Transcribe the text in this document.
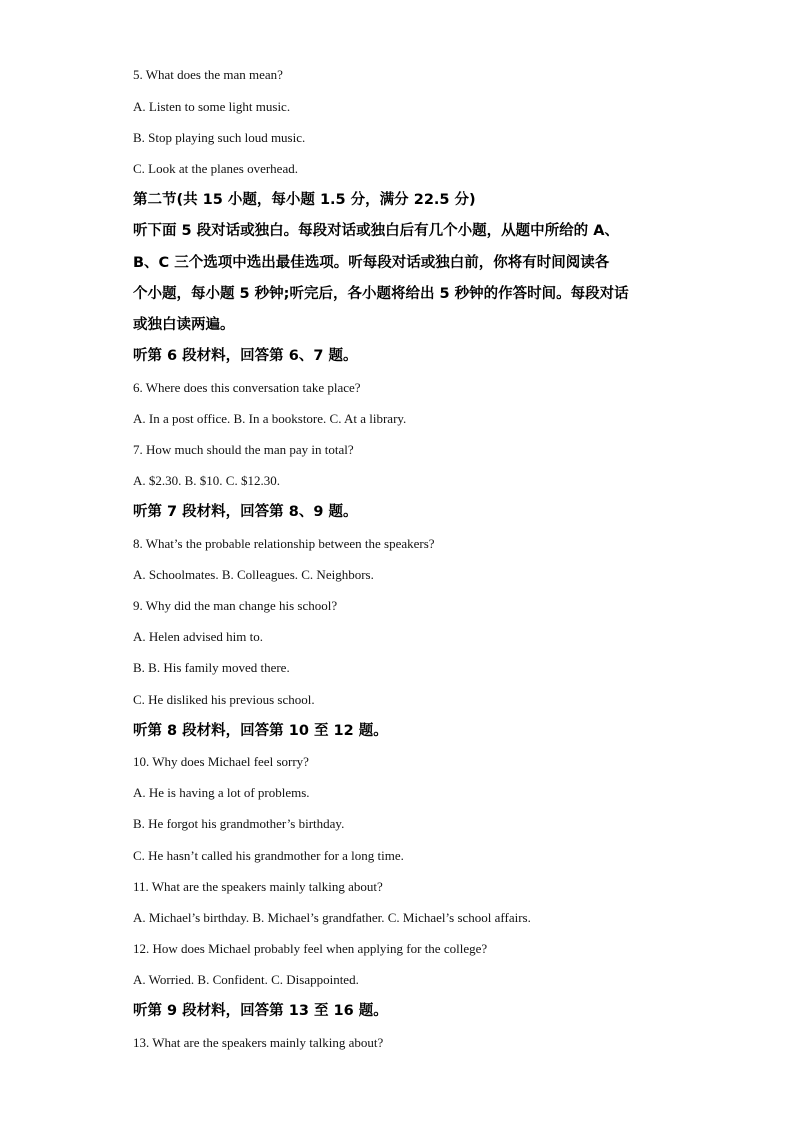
5. What does the man mean?
A. Listen to some light music.
B. Stop playing such loud music.
C. Look at the planes overhead.
第二节(共 15 小题，每小题 1.5 分，满分 22.5 分)
听下面 5 段对话或独白。每段对话或独白后有几个小题，从题中所给的 A、
B、C 三个选项中选出最佳选项。听每段对话或独白前，你将有时间阅读各
个小题，每小题 5 秒钟;听完后，各小题将给出 5 秒钟的作答时间。每段对话
或独白读两遍。
听第 6 段材料，回答第 6、7 题。
6. Where does this conversation take place?
A. In a post office. B. In a bookstore. C. At a library.
7. How much should the man pay in total?
A. $2.30. B. $10. C. $12.30.
听第 7 段材料，回答第 8、9 题。
8. What’s the probable relationship between the speakers?
A. Schoolmates. B. Colleagues. C. Neighbors.
9. Why did the man change his school?
A. Helen advised him to.
B. B. His family moved there.
C. He disliked his previous school.
听第 8 段材料，回答第 10 至 12 题。
10. Why does Michael feel sorry?
A. He is having a lot of problems.
B. He forgot his grandmother’s birthday.
C. He hasn’t called his grandmother for a long time.
11. What are the speakers mainly talking about?
A. Michael’s birthday. B. Michael’s grandfather. C. Michael’s school affairs.
12. How does Michael probably feel when applying for the college?
A. Worried. B. Confident. C. Disappointed.
听第 9 段材料，回答第 13 至 16 题。
13. What are the speakers mainly talking about?
